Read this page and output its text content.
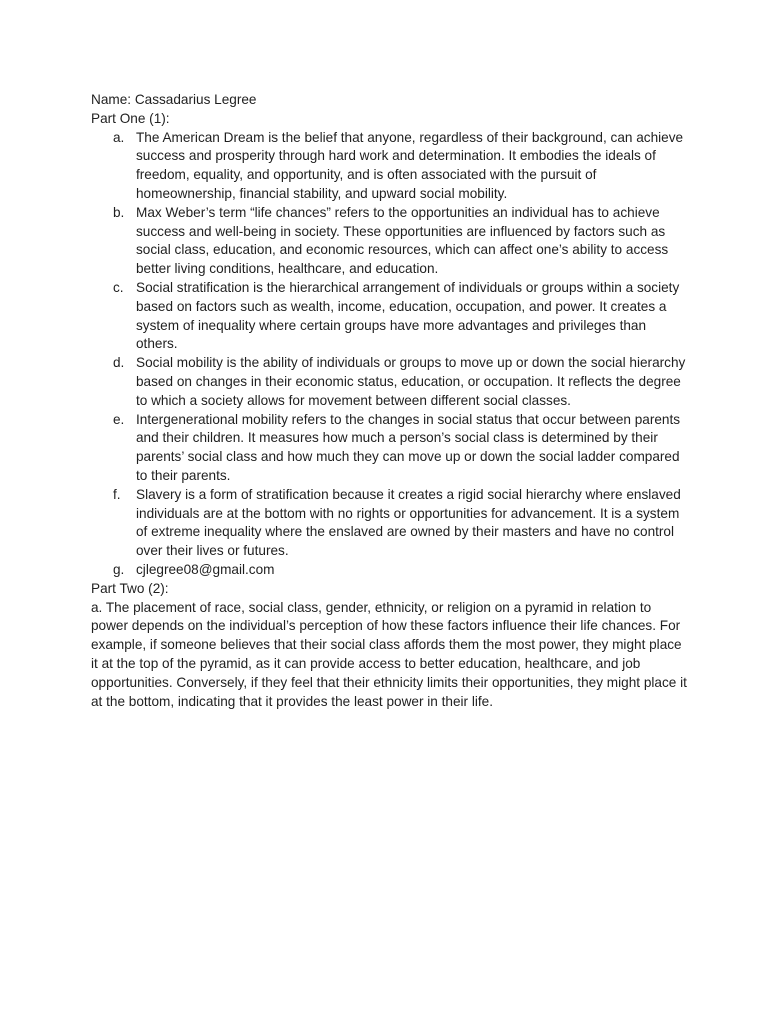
Name: Cassadarius Legree

Part One (1):

a. The American Dream is the belief that anyone, regardless of their background, can achieve success and prosperity through hard work and determination. It embodies the ideals of freedom, equality, and opportunity, and is often associated with the pursuit of homeownership, financial stability, and upward social mobility.
b. Max Weber’s term “life chances” refers to the opportunities an individual has to achieve success and well-being in society. These opportunities are influenced by factors such as social class, education, and economic resources, which can affect one’s ability to access better living conditions, healthcare, and education.
c. Social stratification is the hierarchical arrangement of individuals or groups within a society based on factors such as wealth, income, education, occupation, and power. It creates a system of inequality where certain groups have more advantages and privileges than others.
d. Social mobility is the ability of individuals or groups to move up or down the social hierarchy based on changes in their economic status, education, or occupation. It reflects the degree to which a society allows for movement between different social classes.
e. Intergenerational mobility refers to the changes in social status that occur between parents and their children. It measures how much a person’s social class is determined by their parents’ social class and how much they can move up or down the social ladder compared to their parents.
f. Slavery is a form of stratification because it creates a rigid social hierarchy where enslaved individuals are at the bottom with no rights or opportunities for advancement. It is a system of extreme inequality where the enslaved are owned by their masters and have no control over their lives or futures.
g. cjlegree08@gmail.com

Part Two (2):

a. The placement of race, social class, gender, ethnicity, or religion on a pyramid in relation to power depends on the individual’s perception of how these factors influence their life chances. For example, if someone believes that their social class affords them the most power, they might place it at the top of the pyramid, as it can provide access to better education, healthcare, and job opportunities. Conversely, if they feel that their ethnicity limits their opportunities, they might place it at the bottom, indicating that it provides the least power in their life.
